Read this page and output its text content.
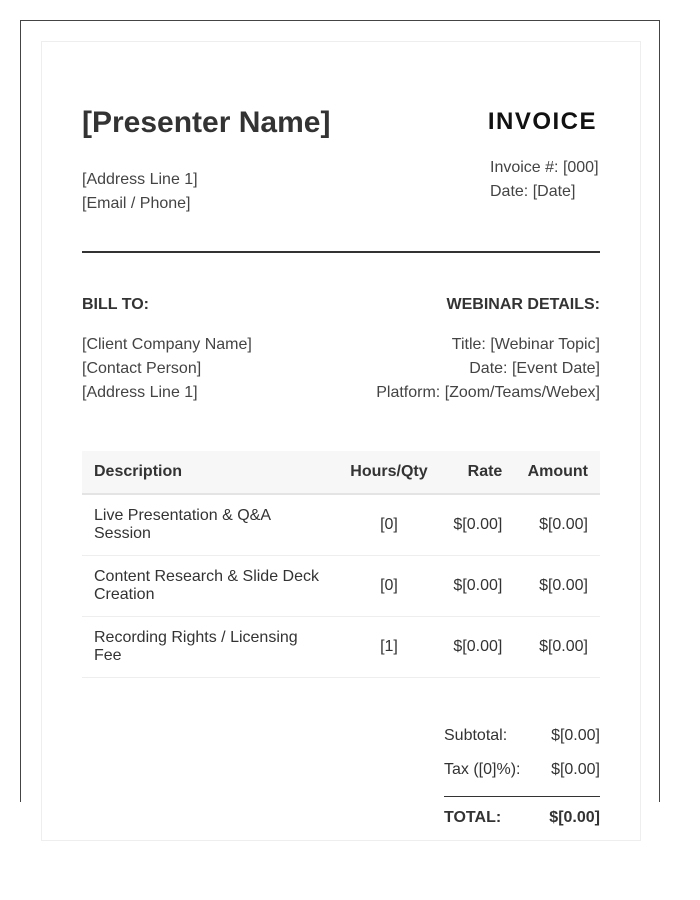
[Presenter Name]
[Address Line 1]
[Email / Phone]
INVOICE
Invoice #: [000]
Date: [Date]
BILL TO:	WEBINAR DETAILS:
[Client Company Name]
[Contact Person]
[Address Line 1]
Title: [Webinar Topic]
Date: [Event Date]
Platform: [Zoom/Teams/Webex]
Description	Hours/Qty	Rate	Amount
Live Presentation & Q&A Session	[0]	$[0.00]	$[0.00]
Content Research & Slide Deck Creation	[0]	$[0.00]	$[0.00]
Recording Rights / Licensing Fee	[1]	$[0.00]	$[0.00]
Subtotal:	$[0.00]
Tax ([0]%): $[0.00]
TOTAL:	$[0.00]
